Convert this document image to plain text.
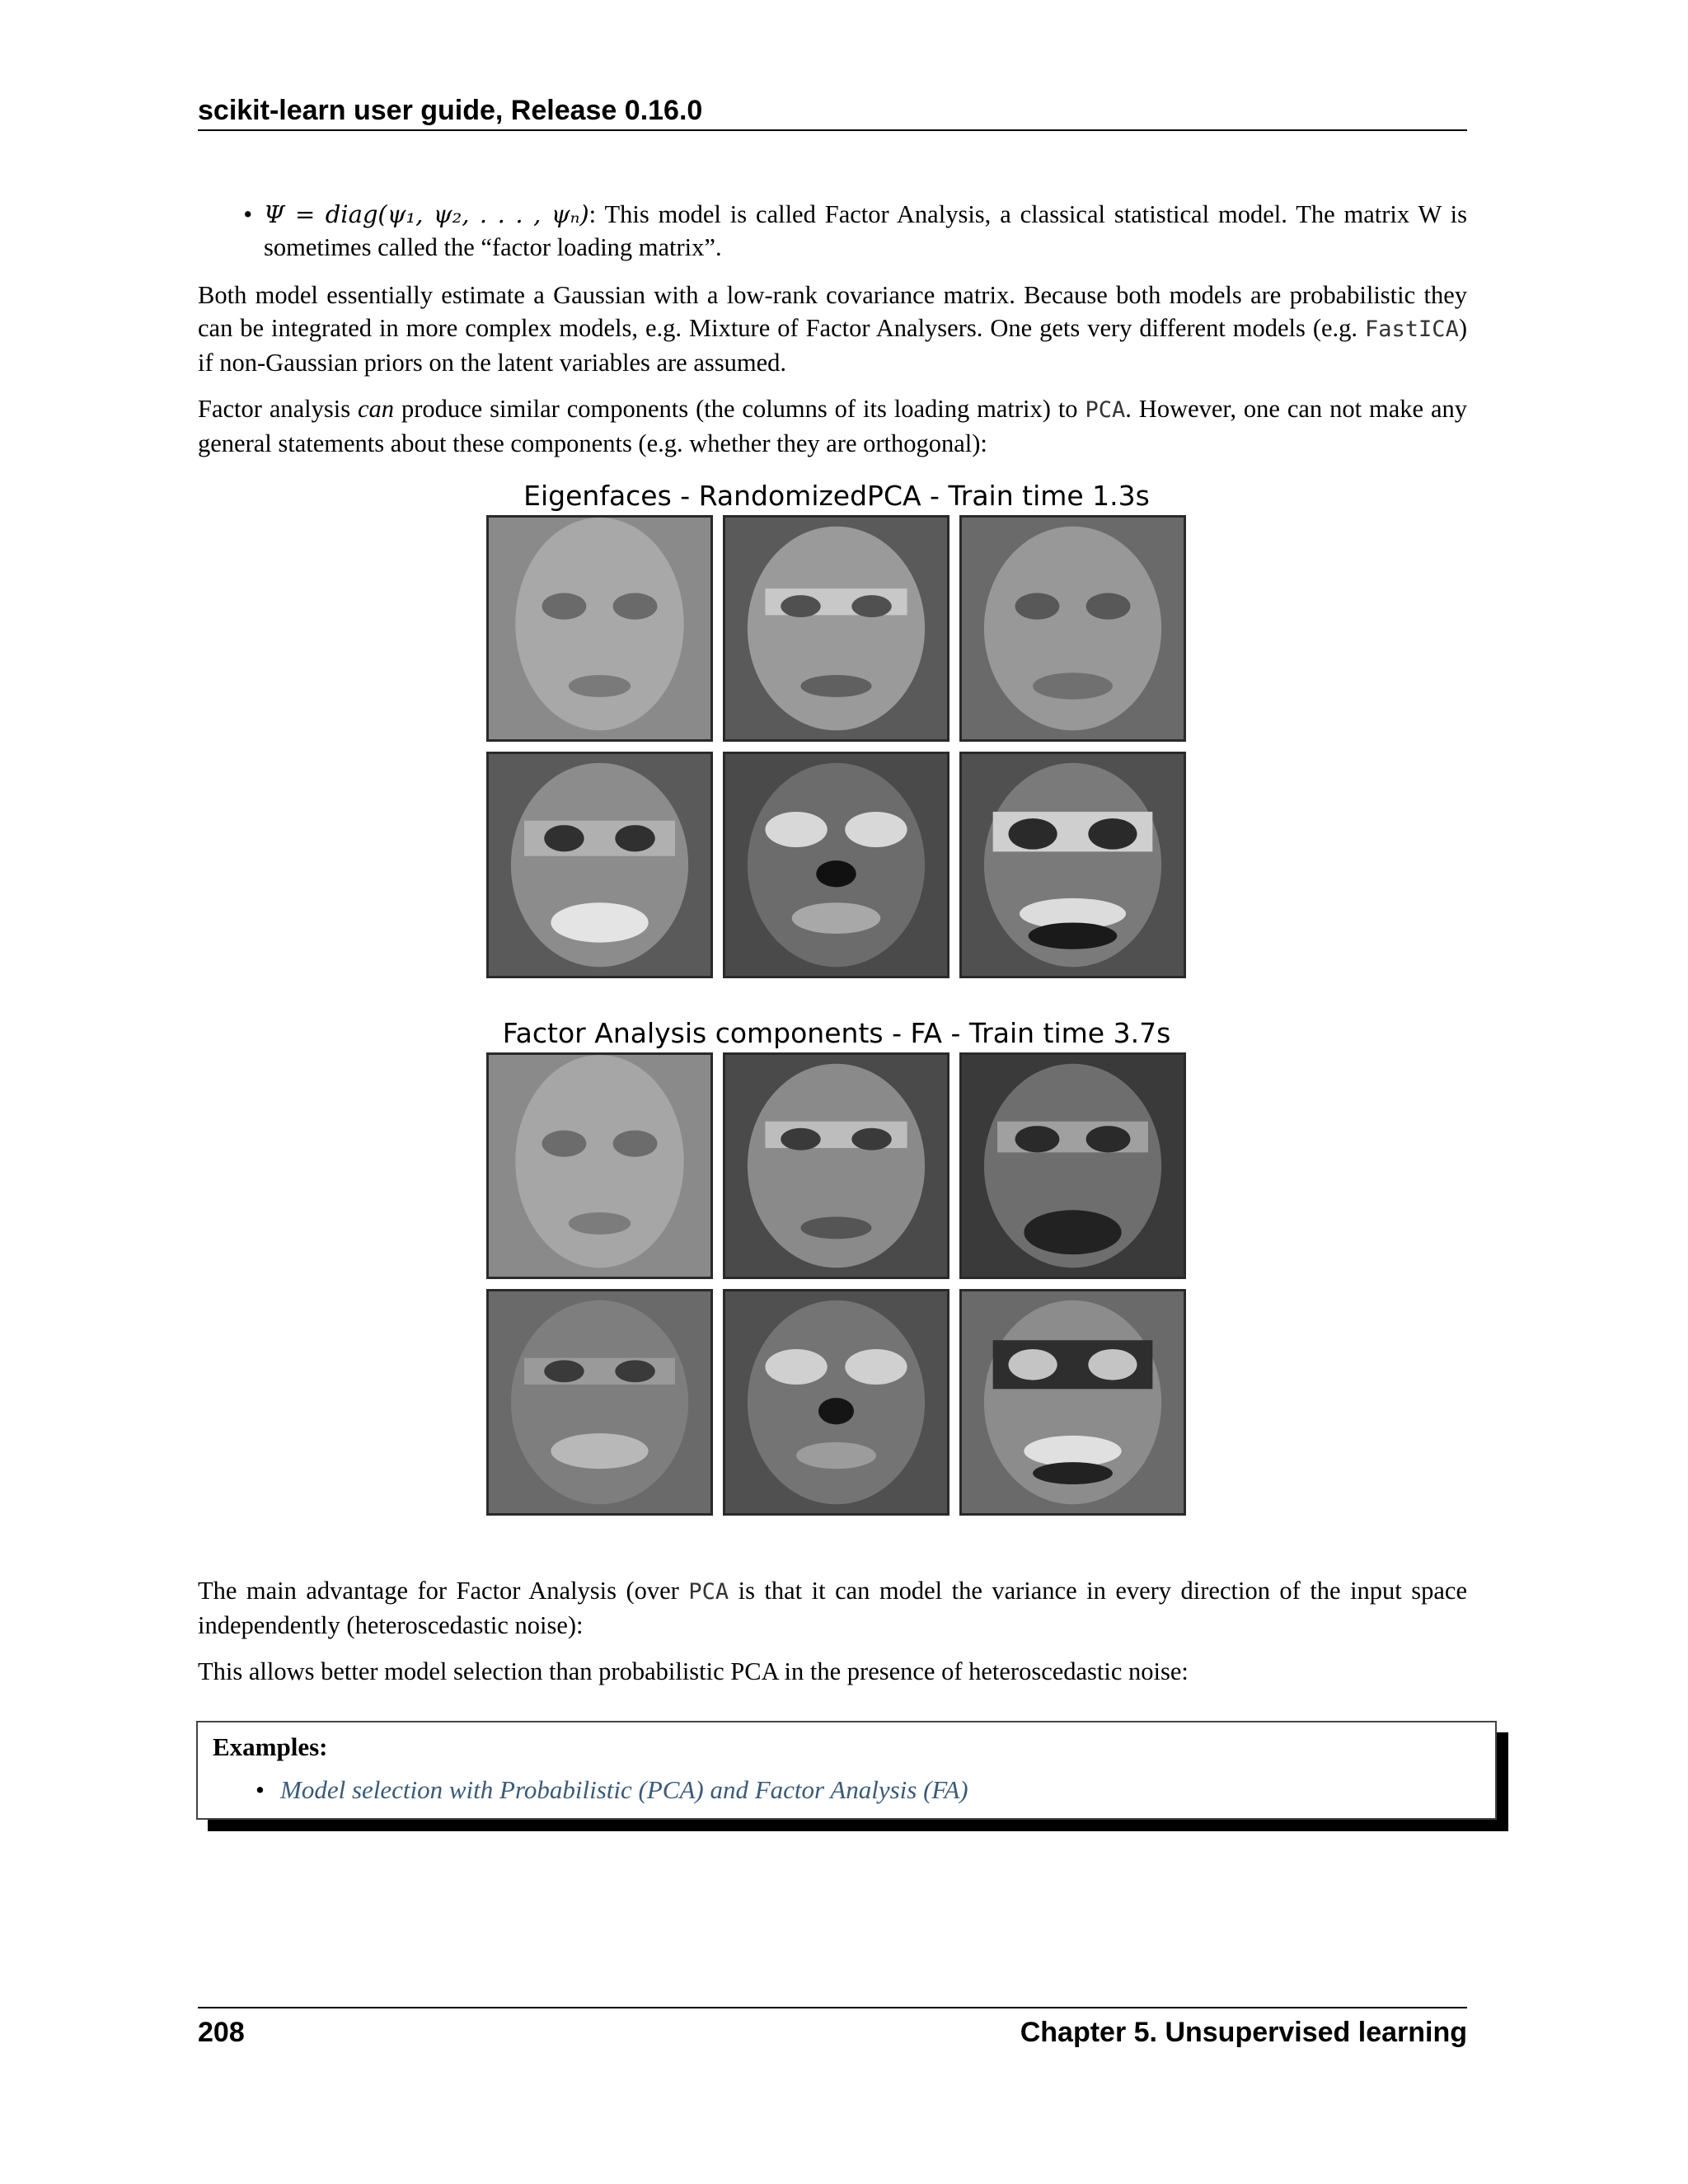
scikit-learn user guide, Release 0.16.0
• Ψ = diag(ψ₁, ψ₂, . . . , ψₙ): This model is called Factor Analysis, a classical statistical model. The matrix W is sometimes called the “factor loading matrix”.

Both model essentially estimate a Gaussian with a low-rank covariance matrix. Because both models are probabilistic they can be integrated in more complex models, e.g. Mixture of Factor Analysers. One gets very different models (e.g. FastICA) if non-Gaussian priors on the latent variables are assumed.

Factor analysis can produce similar components (the columns of its loading matrix) to PCA. However, one can not make any general statements about these components (e.g. whether they are orthogonal):

Eigenfaces - RandomizedPCA - Train time 1.3s
Factor Analysis components - FA - Train time 3.7s

The main advantage for Factor Analysis (over PCA is that it can model the variance in every direction of the input space independently (heteroscedastic noise):

This allows better model selection than probabilistic PCA in the presence of heteroscedastic noise:

Examples:
• Model selection with Probabilistic (PCA) and Factor Analysis (FA)
208	Chapter 5. Unsupervised learning
